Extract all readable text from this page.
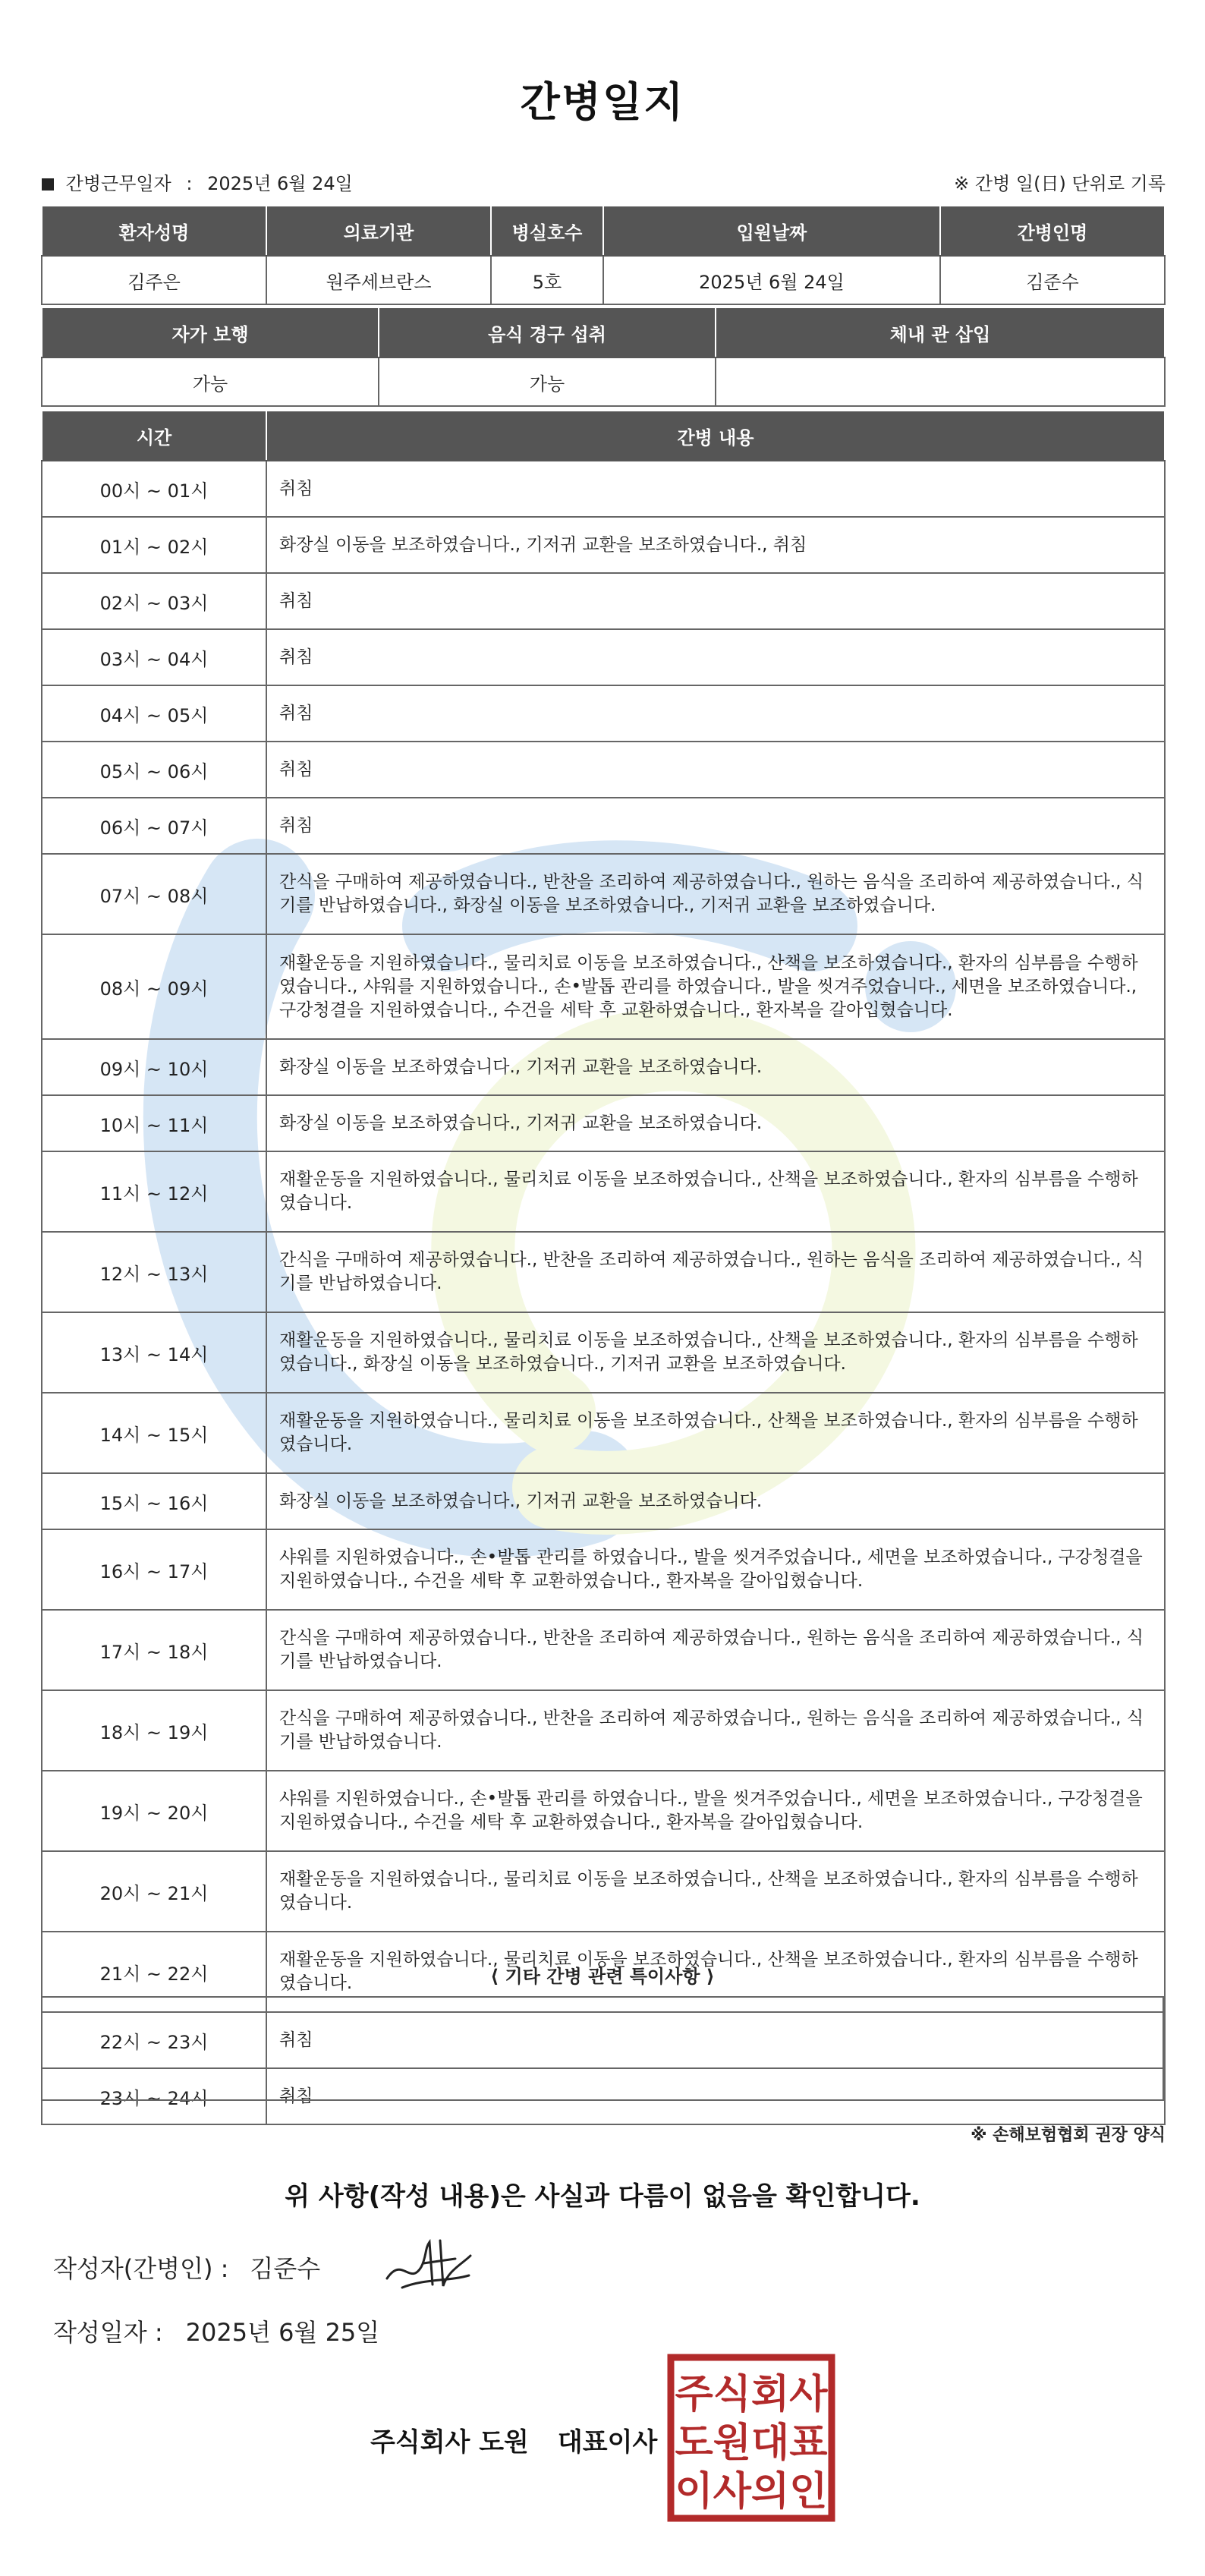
간병일지
간병근무일자 : 2025년 6월 24일	※ 간병 일(日) 단위로 기록
환자성명	의료기관	병실호수	입원날짜	간병인명
김주은	원주세브란스	5호	2025년 6월 24일	김준수
자가 보행	음식 경구 섭취	체내 관 삽입
가능	가능	
시간	간병 내용
00시 ~ 01시	취침
01시 ~ 02시	화장실 이동을 보조하였습니다., 기저귀 교환을 보조하였습니다., 취침
02시 ~ 03시	취침
03시 ~ 04시	취침
04시 ~ 05시	취침
05시 ~ 06시	취침
06시 ~ 07시	취침
07시 ~ 08시	간식을 구매하여 제공하였습니다., 반찬을 조리하여 제공하였습니다., 원하는 음식을 조리하여 제공하였습니다., 식기를 반납하였습니다., 화장실 이동을 보조하였습니다., 기저귀 교환을 보조하였습니다.
08시 ~ 09시	재활운동을 지원하였습니다., 물리치료 이동을 보조하였습니다., 산책을 보조하였습니다., 환자의 심부름을 수행하였습니다., 샤워를 지원하였습니다., 손•발톱 관리를 하였습니다., 발을 씻겨주었습니다., 세면을 보조하였습니다., 구강청결을 지원하였습니다., 수건을 세탁 후 교환하였습니다., 환자복을 갈아입혔습니다.
09시 ~ 10시	화장실 이동을 보조하였습니다., 기저귀 교환을 보조하였습니다.
10시 ~ 11시	화장실 이동을 보조하였습니다., 기저귀 교환을 보조하였습니다.
11시 ~ 12시	재활운동을 지원하였습니다., 물리치료 이동을 보조하였습니다., 산책을 보조하였습니다., 환자의 심부름을 수행하였습니다.
12시 ~ 13시	간식을 구매하여 제공하였습니다., 반찬을 조리하여 제공하였습니다., 원하는 음식을 조리하여 제공하였습니다., 식기를 반납하였습니다.
13시 ~ 14시	재활운동을 지원하였습니다., 물리치료 이동을 보조하였습니다., 산책을 보조하였습니다., 환자의 심부름을 수행하였습니다., 화장실 이동을 보조하였습니다., 기저귀 교환을 보조하였습니다.
14시 ~ 15시	재활운동을 지원하였습니다., 물리치료 이동을 보조하였습니다., 산책을 보조하였습니다., 환자의 심부름을 수행하였습니다.
15시 ~ 16시	화장실 이동을 보조하였습니다., 기저귀 교환을 보조하였습니다.
16시 ~ 17시	샤워를 지원하였습니다., 손•발톱 관리를 하였습니다., 발을 씻겨주었습니다., 세면을 보조하였습니다., 구강청결을 지원하였습니다., 수건을 세탁 후 교환하였습니다., 환자복을 갈아입혔습니다.
17시 ~ 18시	간식을 구매하여 제공하였습니다., 반찬을 조리하여 제공하였습니다., 원하는 음식을 조리하여 제공하였습니다., 식기를 반납하였습니다.
18시 ~ 19시	간식을 구매하여 제공하였습니다., 반찬을 조리하여 제공하였습니다., 원하는 음식을 조리하여 제공하였습니다., 식기를 반납하였습니다.
19시 ~ 20시	샤워를 지원하였습니다., 손•발톱 관리를 하였습니다., 발을 씻겨주었습니다., 세면을 보조하였습니다., 구강청결을 지원하였습니다., 수건을 세탁 후 교환하였습니다., 환자복을 갈아입혔습니다.
20시 ~ 21시	재활운동을 지원하였습니다., 물리치료 이동을 보조하였습니다., 산책을 보조하였습니다., 환자의 심부름을 수행하였습니다.
21시 ~ 22시	재활운동을 지원하였습니다., 물리치료 이동을 보조하였습니다., 산책을 보조하였습니다., 환자의 심부름을 수행하였습니다.
22시 ~ 23시	취침
23시 ~ 24시	취침
⟨ 기타 간병 관련 특이사항 ⟩
※ 손해보험협회 권장 양식
위 사항(작성 내용)은 사실과 다름이 없음을 확인합니다.
작성자(간병인) : 김준수
작성일자 : 2025년 6월 25일
주식회사 도원 대표이사
주식회사
도원대표
이사의인
